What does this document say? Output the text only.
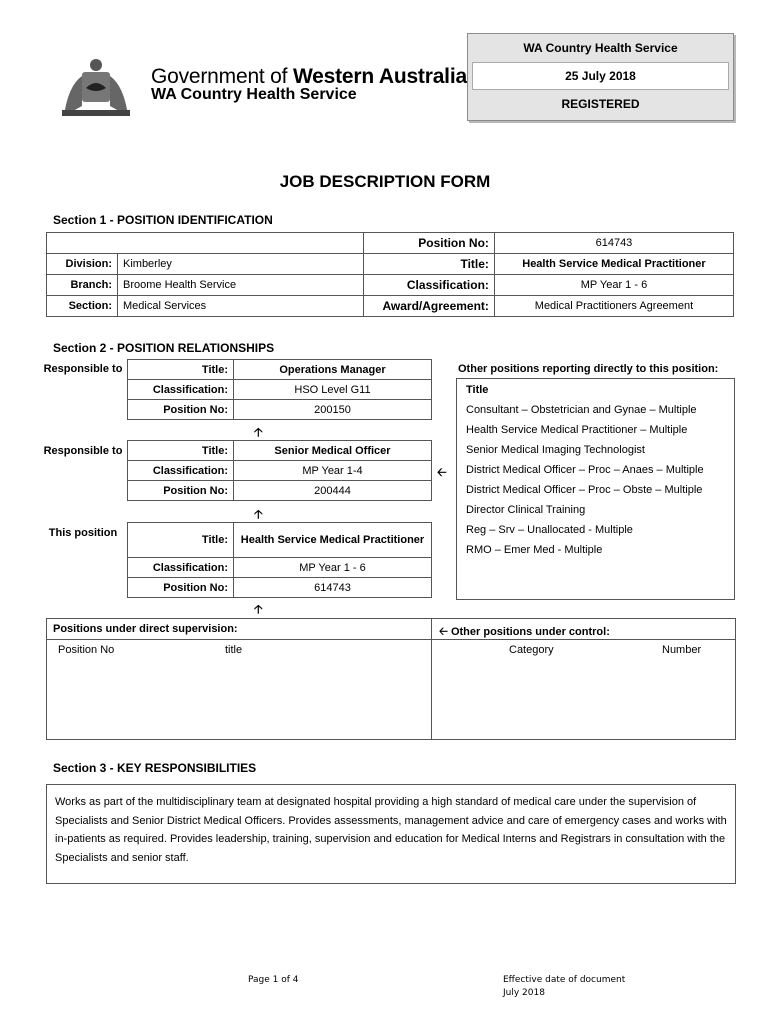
Government of Western Australia
WA Country Health Service
WA Country Health Service
25 July 2018
REGISTERED
JOB DESCRIPTION FORM
Section 1 - POSITION IDENTIFICATION
		Position No:	614743
Division:	Kimberley	Title:	Health Service Medical Practitioner
Branch:	Broome Health Service	Classification:	MP Year 1 - 6
Section:	Medical Services	Award/Agreement:	Medical Practitioners Agreement
Section 2 - POSITION RELATIONSHIPS
Responsible to	Title:	Operations Manager
Classification:	HSO Level G11
Position No:	200150
🡡
Responsible to	Title:	Senior Medical Officer
Classification:	MP Year 1-4
Position No:	200444
🡠
🡡
This position
Title:	Health Service Medical Practitioner
Classification:	MP Year 1 - 6
Position No:	614743
🡡
Other positions reporting directly to this position:
Title
Consultant – Obstetrician and Gynae – Multiple
Health Service Medical Practitioner – Multiple
Senior Medical Imaging Technologist
District Medical Officer – Proc – Anaes – Multiple
District Medical Officer – Proc – Obste – Multiple
Director Clinical Training
Reg – Srv – Unallocated - Multiple
RMO – Emer Med - Multiple
Positions under direct supervision:	🡠 Other positions under control:
Position No	title	Category	Number
Section 3 - KEY RESPONSIBILITIES

Works as part of the multidisciplinary team at designated hospital providing a high standard of medical care under the supervision of Specialists and Senior District Medical Officers. Provides assessments, management advice and care of emergency cases and works with in-patients as required. Provides leadership, training, supervision and education for Medical Interns and Registrars in consultation with the Specialists and senior staff.

Page 1 of 4	Effective date of document
July 2018
